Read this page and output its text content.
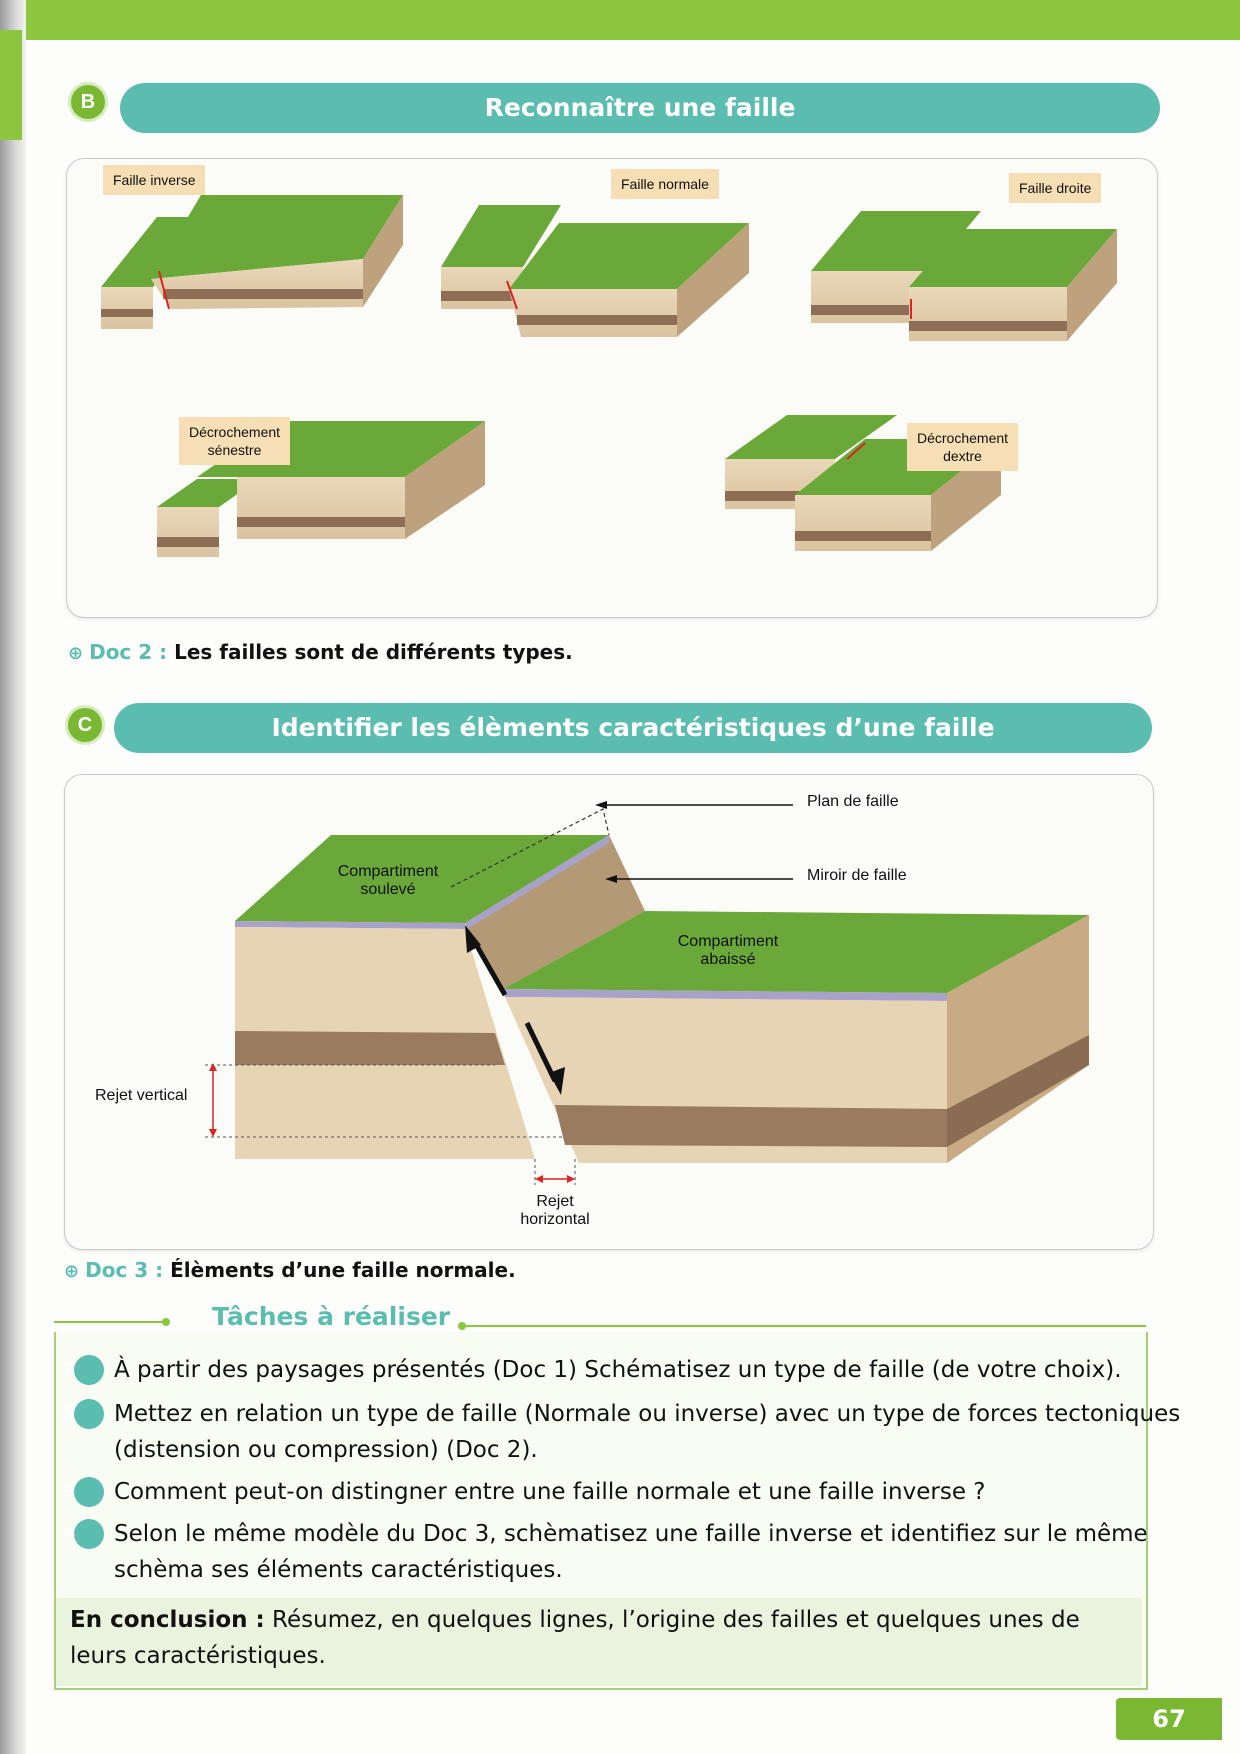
B	Reconnaître une faille
Faille inverse	Faille normale	Faille droite
Décrochement
sénestre
Décrochement
dextre
⊕ Doc 2 : Les failles sont de différents types.
C	Identifier les élèments caractéristiques d’une faille
Plan de faille
Miroir de faille
Compartiment
soulevé
Compartiment
abaissé
Rejet vertical
Rejet
horizontal
⊕ Doc 3 : Élèments d’une faille normale.
Tâches à réaliser
1 À partir des paysages présentés (Doc 1) Schématisez un type de faille (de votre choix).
2 Mettez en relation un type de faille (Normale ou inverse) avec un type de forces tectoniques (distension ou compression) (Doc 2).
3 Comment peut-on distingner entre une faille normale et une faille inverse ?
4 Selon le même modèle du Doc 3, schèmatisez une faille inverse et identifiez sur le même schèma ses éléments caractéristiques.
En conclusion : Résumez, en quelques lignes, l’origine des failles et quelques unes de leurs caractéristiques.
67
